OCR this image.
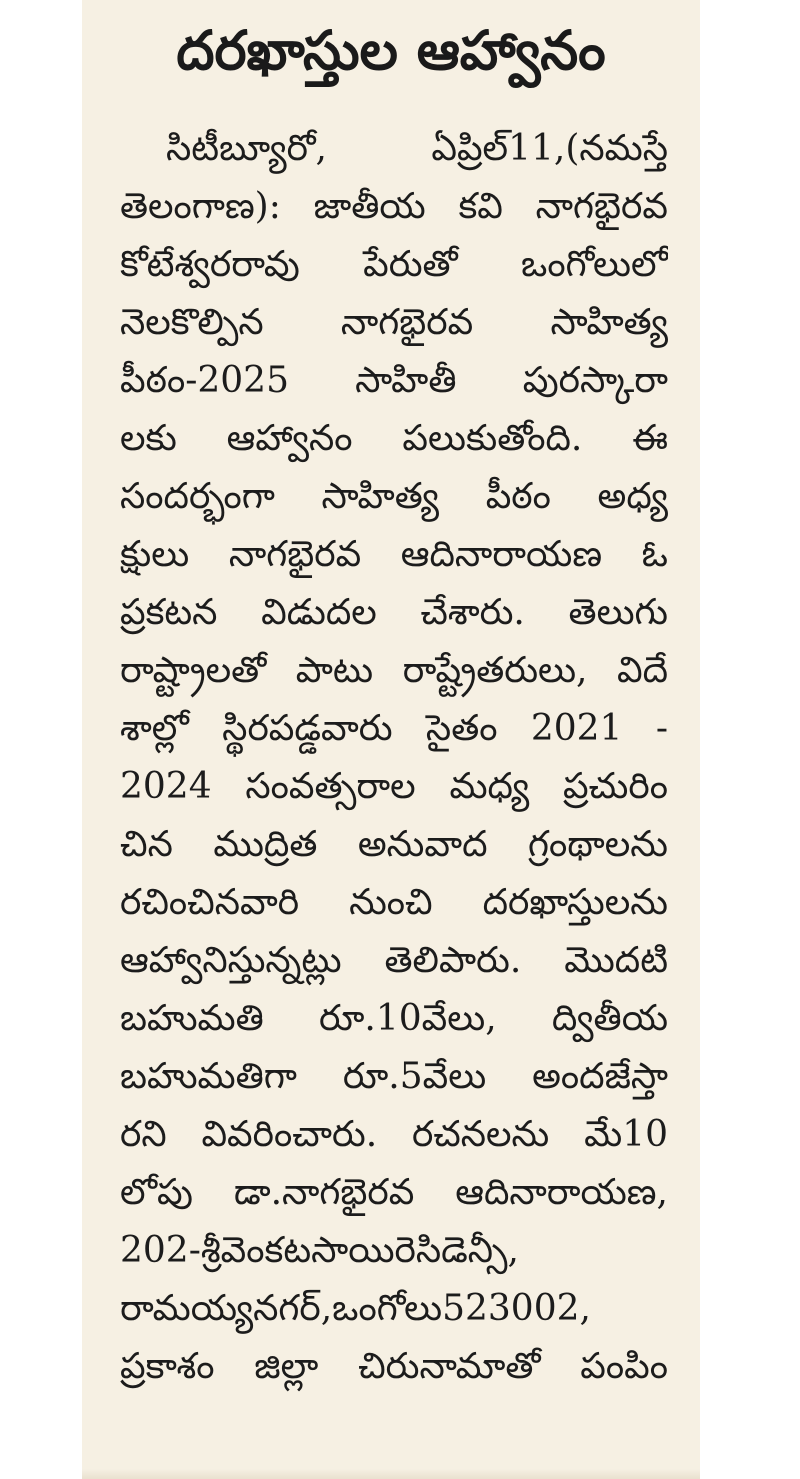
దరఖాస్తుల ఆహ్వానం
సిటీబ్యూరో, ఏప్రిల్11,(నమస్తే
తెలంగాణ): జాతీయ కవి నాగభైరవ
కోటేశ్వరరావు పేరుతో ఒంగోలులో
నెలకొల్పిన నాగభైరవ సాహిత్య
పీఠం-2025 సాహితీ పురస్కారా
లకు ఆహ్వానం పలుకుతోంది. ఈ
సందర్భంగా సాహిత్య పీఠం అధ్య
క్షులు నాగభైరవ ఆదినారాయణ ఓ
ప్రకటన విడుదల చేశారు. తెలుగు
రాష్ట్రాలతో పాటు రాష్ట్రేతరులు, విదే
శాల్లో స్థిరపడ్డవారు సైతం 2021 -
2024 సంవత్సరాల మధ్య ప్రచురిం
చిన ముద్రిత అనువాద గ్రంథాలను
రచించినవారి నుంచి దరఖాస్తులను
ఆహ్వానిస్తున్నట్లు తెలిపారు. మొదటి
బహుమతి రూ.10వేలు, ద్వితీయ
బహుమతిగా రూ.5వేలు అందజేస్తా
రని వివరించారు. రచనలను మే10
లోపు డా.నాగభైరవ ఆదినారాయణ,
202-శ్రీవెంకటసాయిరెసిడెన్సీ,
రామయ్యనగర్,ఒంగోలు523002,
ప్రకాశం జిల్లా చిరునామాతో పంపిం
